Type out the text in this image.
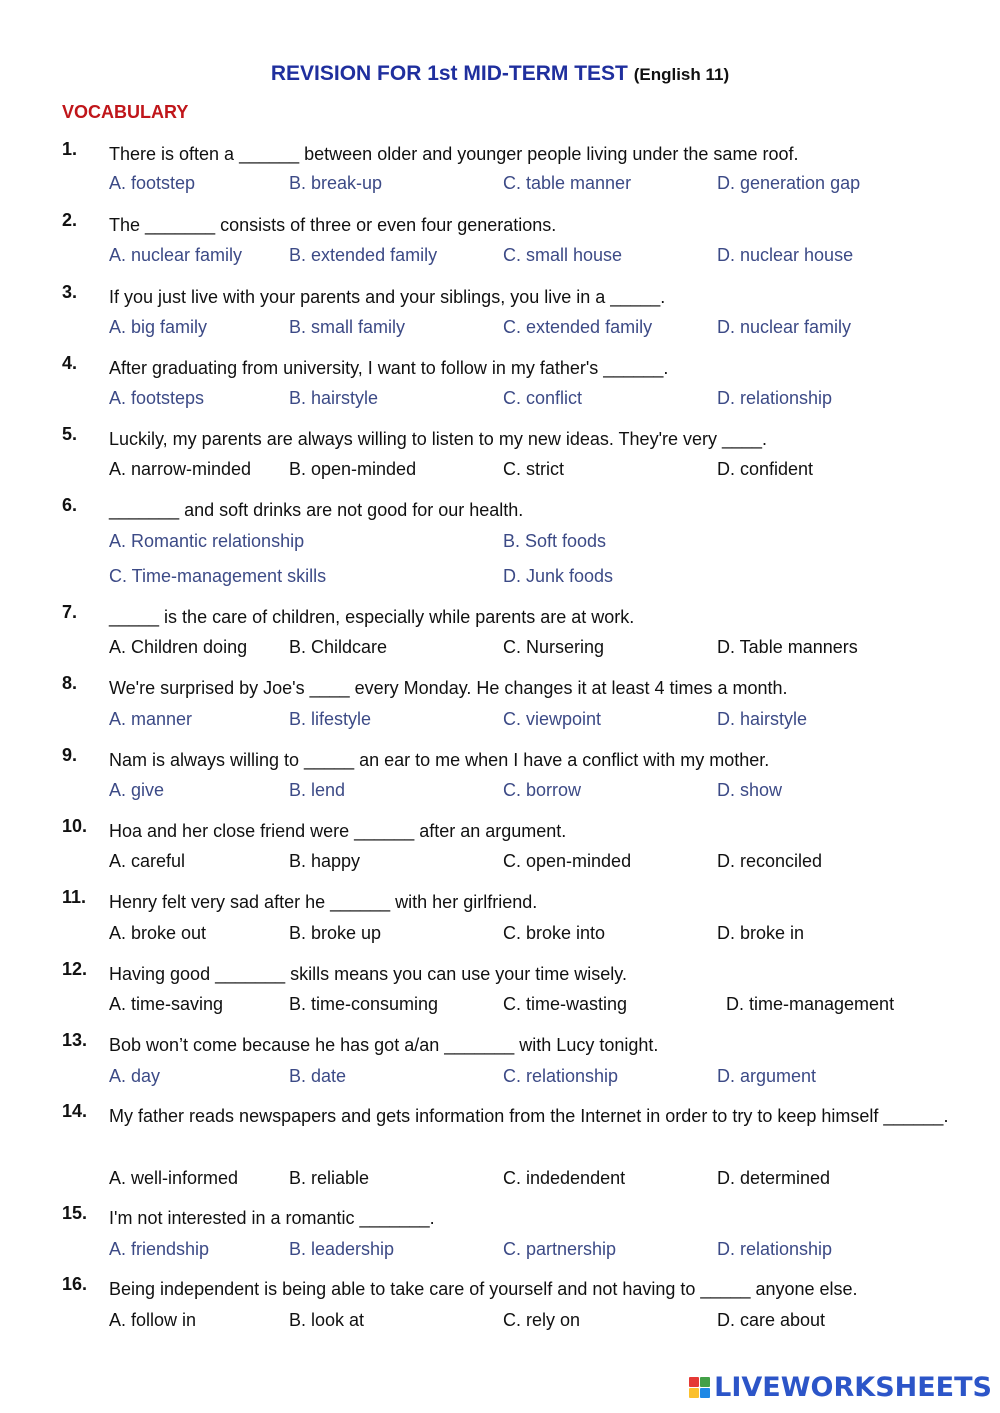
REVISION FOR 1st MID-TERM TEST (English 11)
VOCABULARY
1. There is often a ______ between older and younger people living under the same roof.
A. footstep	B. break-up	C. table manner	D. generation gap
2. The _______ consists of three or even four generations.
A. nuclear family	B. extended family	C. small house	D. nuclear house
3. If you just live with your parents and your siblings, you live in a _____.
A. big family	B. small family	C. extended family	D. nuclear family
4. After graduating from university, I want to follow in my father's ______.
A. footsteps	B. hairstyle	C. conflict	D. relationship
5. Luckily, my parents are always willing to listen to my new ideas. They're very ____.
A. narrow-minded B. open-minded	C. strict	D. confident
6. _______ and soft drinks are not good for our health.
A. Romantic relationship	B. Soft foods
C. Time-management skills	D. Junk foods
7. _____ is the care of children, especially while parents are at work.
A. Children doing B. Childcare	C. Nursering	D. Table manners
8. We're surprised by Joe's ____ every Monday. He changes it at least 4 times a month.
A. manner	B. lifestyle	C. viewpoint	D. hairstyle
9. Nam is always willing to _____ an ear to me when I have a conflict with my mother.
A. give	B. lend	C. borrow	D. show
10. Hoa and her close friend were ______ after an argument.
A. careful	B. happy	C. open-minded	D. reconciled
11. Henry felt very sad after he ______ with her girlfriend.
A. broke out	B. broke up	C. broke into	D. broke in
12. Having good _______ skills means you can use your time wisely.
A. time-saving	B. time-consuming	C. time-wasting	D. time-management
13. Bob won’t come because he has got a/an _______ with Lucy tonight.
A. day	B. date	C. relationship	D. argument
14. My father reads newspapers and gets information from the Internet in order to try to keep himself ______.
A. well-informed	B. reliable	C. indedendent	D. determined
15. I'm not interested in a romantic _______.
A. friendship	B. leadership	C. partnership	D. relationship
16. Being independent is being able to take care of yourself and not having to _____ anyone else.
A. follow in	B. look at	C. rely on	D. care about
LIVEWORKSHEETS
